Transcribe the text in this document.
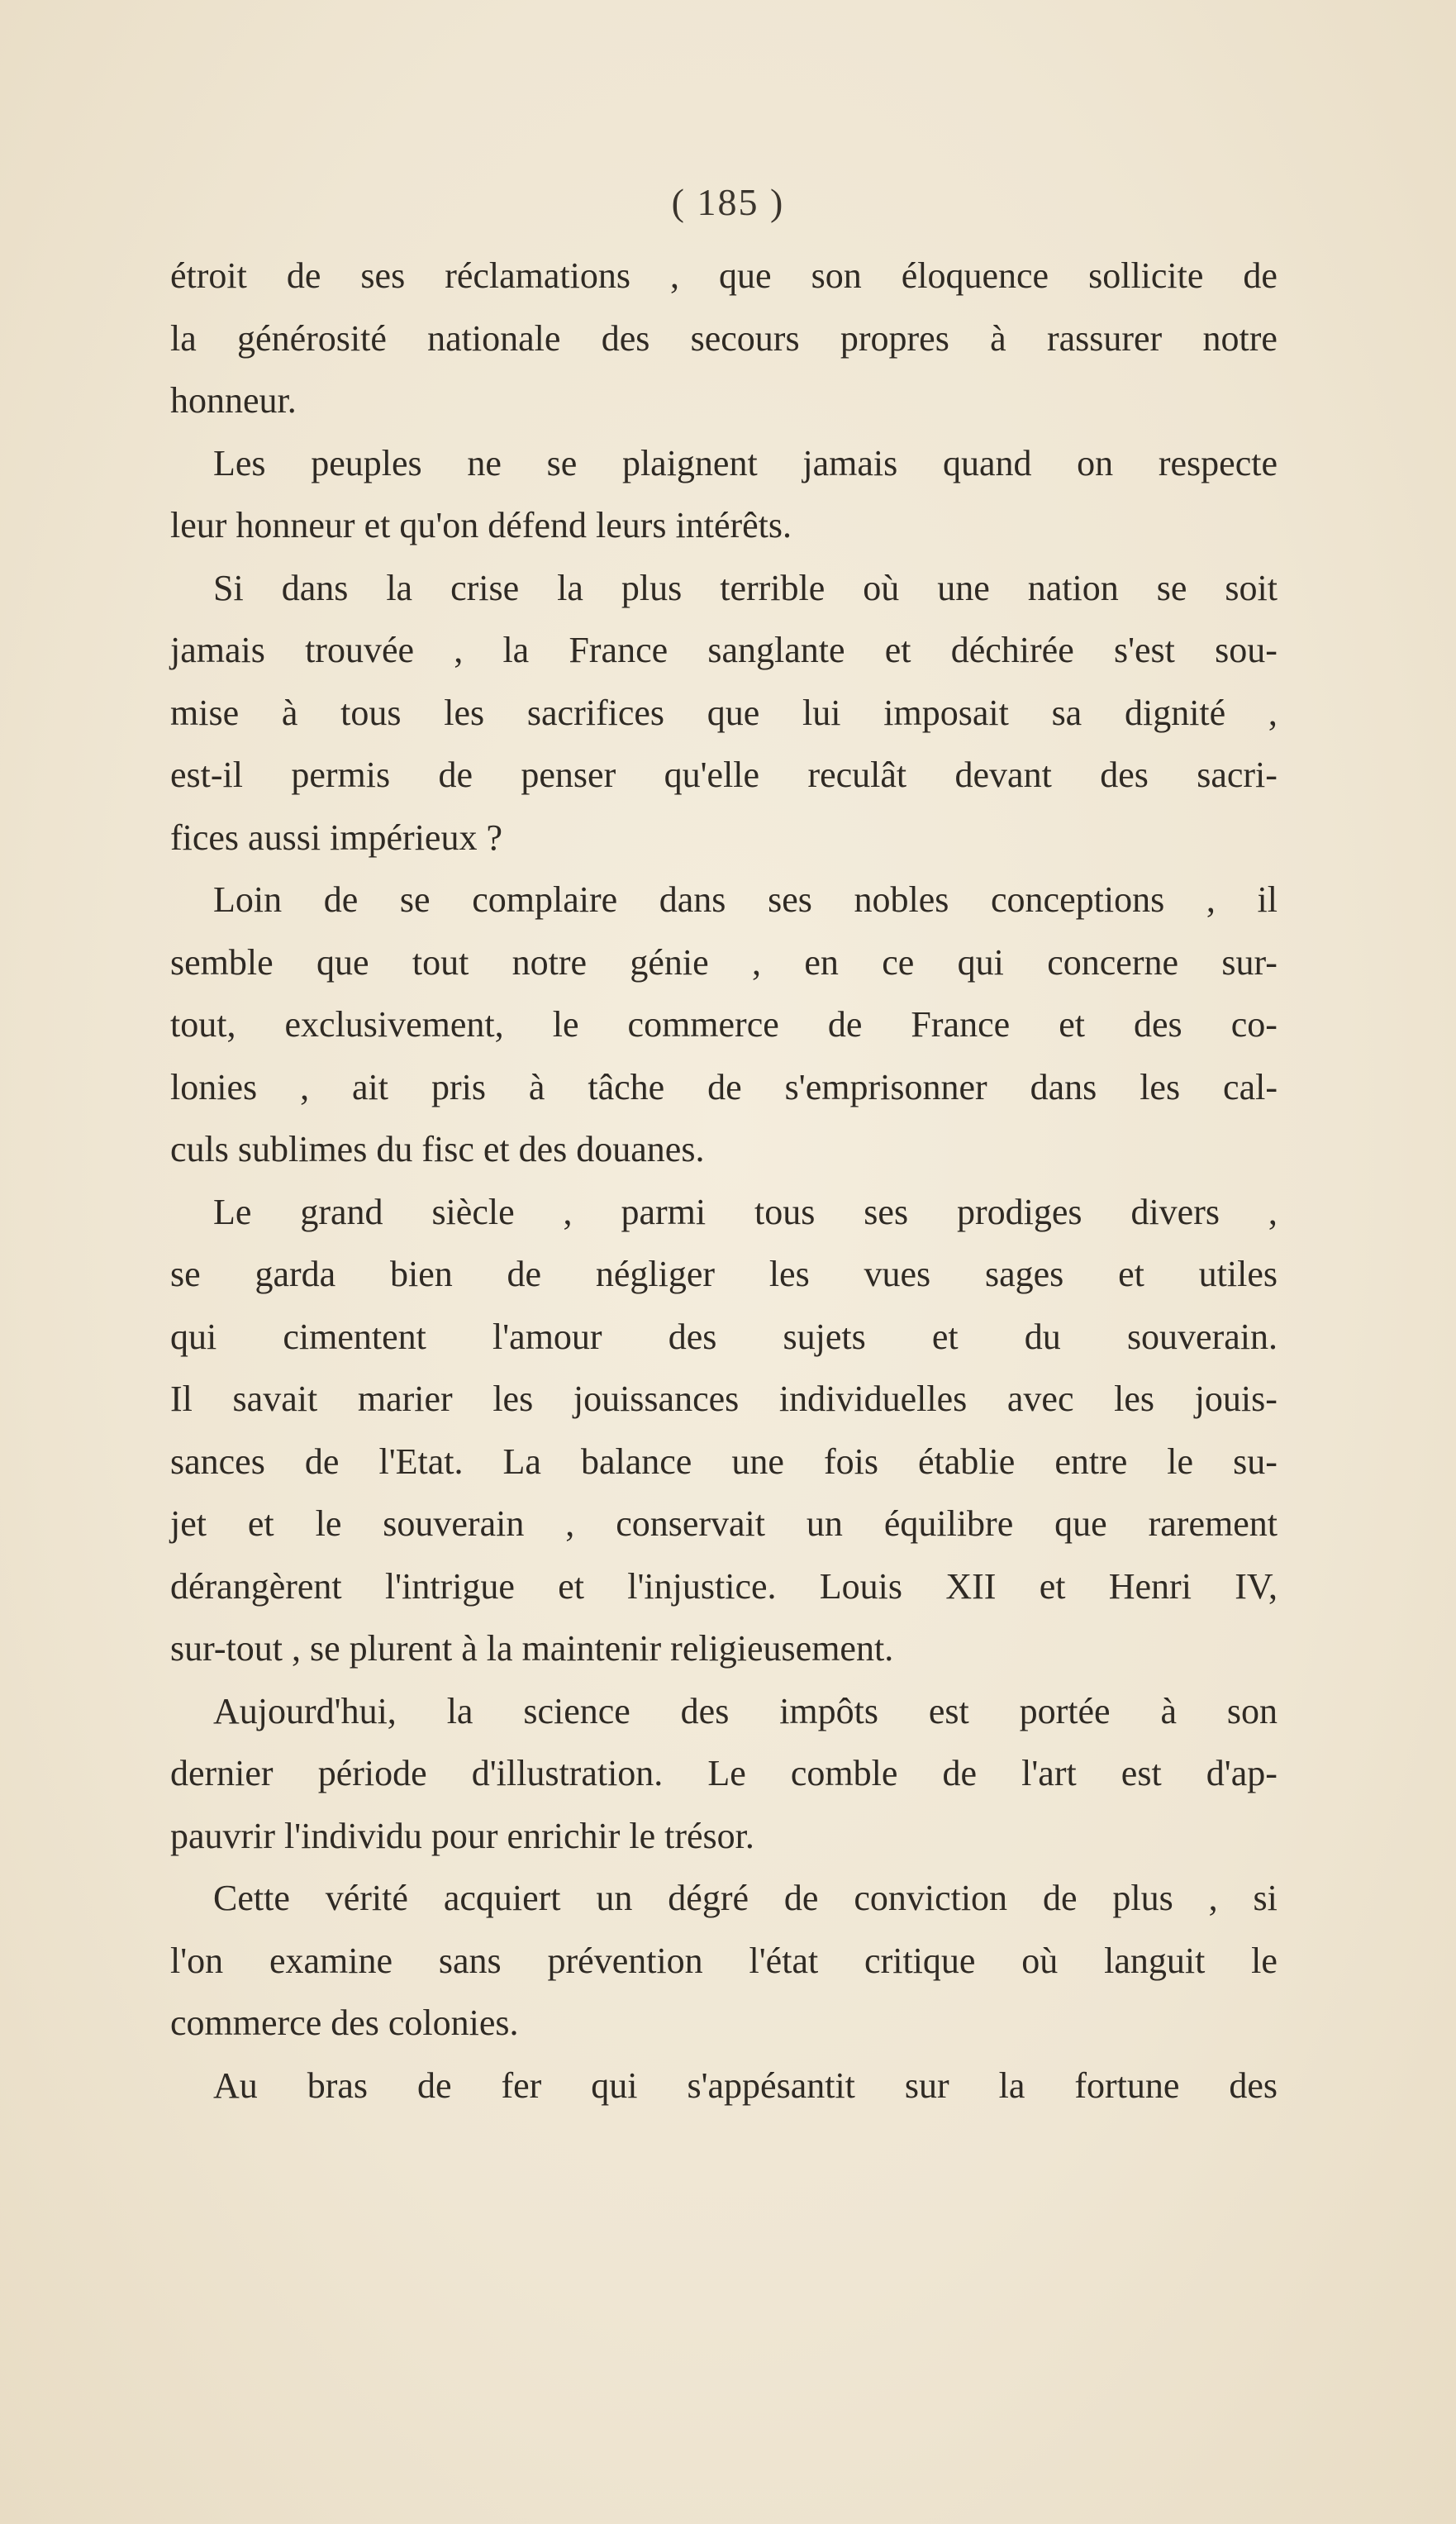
( 185 )
étroit de ses réclamations , que son éloquence sollicite de
la générosité nationale des secours propres à rassurer notre
honneur.
Les peuples ne se plaignent jamais quand on respecte
leur honneur et qu'on défend leurs intérêts.
Si dans la crise la plus terrible où une nation se soit
jamais trouvée , la France sanglante et déchirée s'est sou-
mise à tous les sacrifices que lui imposait sa dignité ,
est-il permis de penser qu'elle reculât devant des sacri-
fices aussi impérieux ?
Loin de se complaire dans ses nobles conceptions , il
semble que tout notre génie , en ce qui concerne sur-
tout, exclusivement, le commerce de France et des co-
lonies , ait pris à tâche de s'emprisonner dans les cal-
culs sublimes du fisc et des douanes.
Le grand siècle , parmi tous ses prodiges divers ,
se garda bien de négliger les vues sages et utiles
qui cimentent l'amour des sujets et du souverain.
Il savait marier les jouissances individuelles avec les jouis-
sances de l'Etat. La balance une fois établie entre le su-
jet et le souverain , conservait un équilibre que rarement
dérangèrent l'intrigue et l'injustice. Louis XII et Henri IV,
sur-tout , se plurent à la maintenir religieusement.
Aujourd'hui, la science des impôts est portée à son
dernier période d'illustration. Le comble de l'art est d'ap-
pauvrir l'individu pour enrichir le trésor.
Cette vérité acquiert un dégré de conviction de plus , si
l'on examine sans prévention l'état critique où languit le
commerce des colonies.
Au bras de fer qui s'appésantit sur la fortune des
